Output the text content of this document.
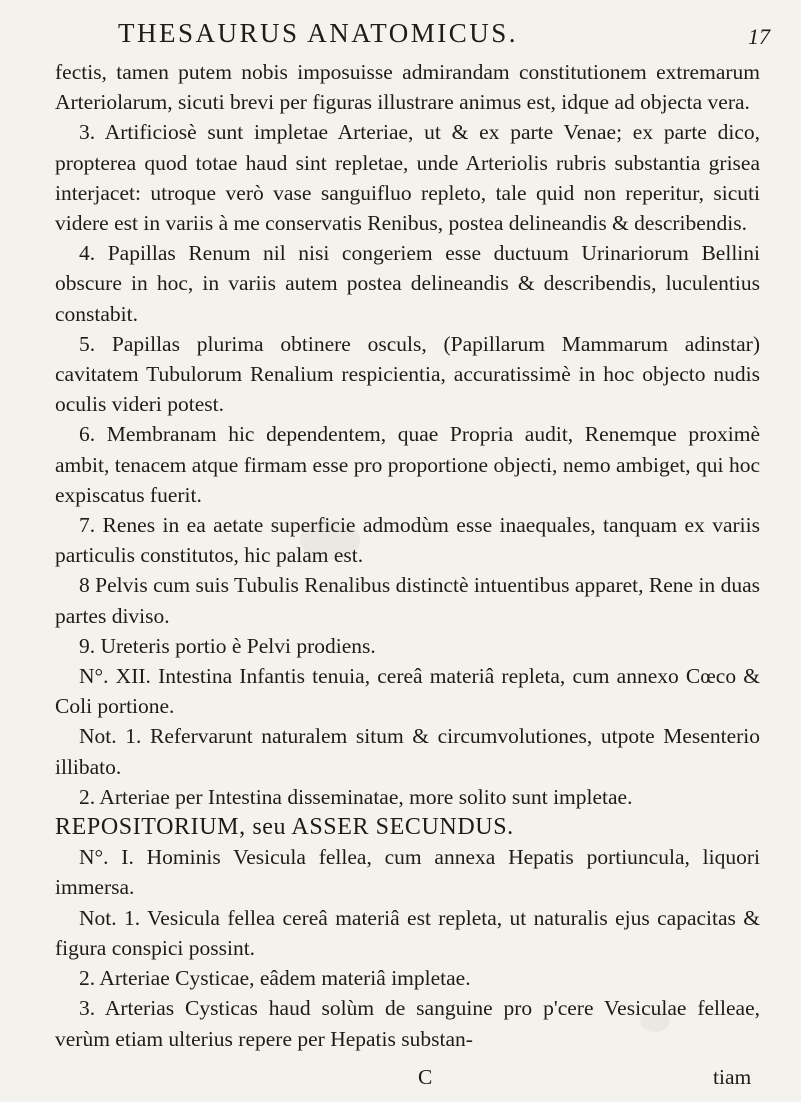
THESAURUS ANATOMICUS.	17

fectis, tamen putem nobis imposuisse admirandam constitutionem extremarum Arteriolarum, sicuti brevi per figuras illustrare animus est, idque ad objecta vera.

3. Artificiosè sunt impletae Arteriae, ut & ex parte Venae; ex parte dico, propterea quod totae haud sint repletae, unde Arteriolis rubris substantia grisea interjacet: utroque verò vase sanguifluo repleto, tale quid non reperitur, sicuti videre est in variis à me conservatis Renibus, postea delineandis & describendis.

4. Papillas Renum nil nisi congeriem esse ductuum Urinariorum Bellini obscure in hoc, in variis autem postea delineandis & describendis, luculentius constabit.

5. Papillas plurima obtinere osculs, (Papillarum Mammarum adinstar) cavitatem Tubulorum Renalium respicientia, accuratissimè in hoc objecto nudis oculis videri potest.

6. Membranam hic dependentem, quae Propria audit, Renemque proximè ambit, tenacem atque firmam esse pro proportione objecti, nemo ambiget, qui hoc expiscatus fuerit.

7. Renes in ea aetate superficie admodùm esse inaequales, tanquam ex variis particulis constitutos, hic palam est.

8 Pelvis cum suis Tubulis Renalibus distinctè intuentibus apparet, Rene in duas partes diviso.

9. Ureteris portio è Pelvi prodiens.

N°. XII. Intestina Infantis tenuia, cereâ materiâ repleta, cum annexo Cœco & Coli portione.

Not. 1. Refervarunt naturalem situm & circumvolutiones, utpote Mesenterio illibato.

2. Arteriae per Intestina disseminatae, more solito sunt impletae.

REPOSITORIUM, seu ASSER SECUNDUS.

N°. I. Hominis Vesicula fellea, cum annexa Hepatis portiuncula, liquori immersa.

Not. 1. Vesicula fellea cereâ materiâ est repleta, ut naturalis ejus capacitas & figura conspici possint.

2. Arteriae Cysticae, eâdem materiâ impletae.

3. Arterias Cysticas haud solùm de sanguine pro p'cere Vesiculae felleae, verùm etiam ulterius repere per Hepatis substan-

C	tiam
